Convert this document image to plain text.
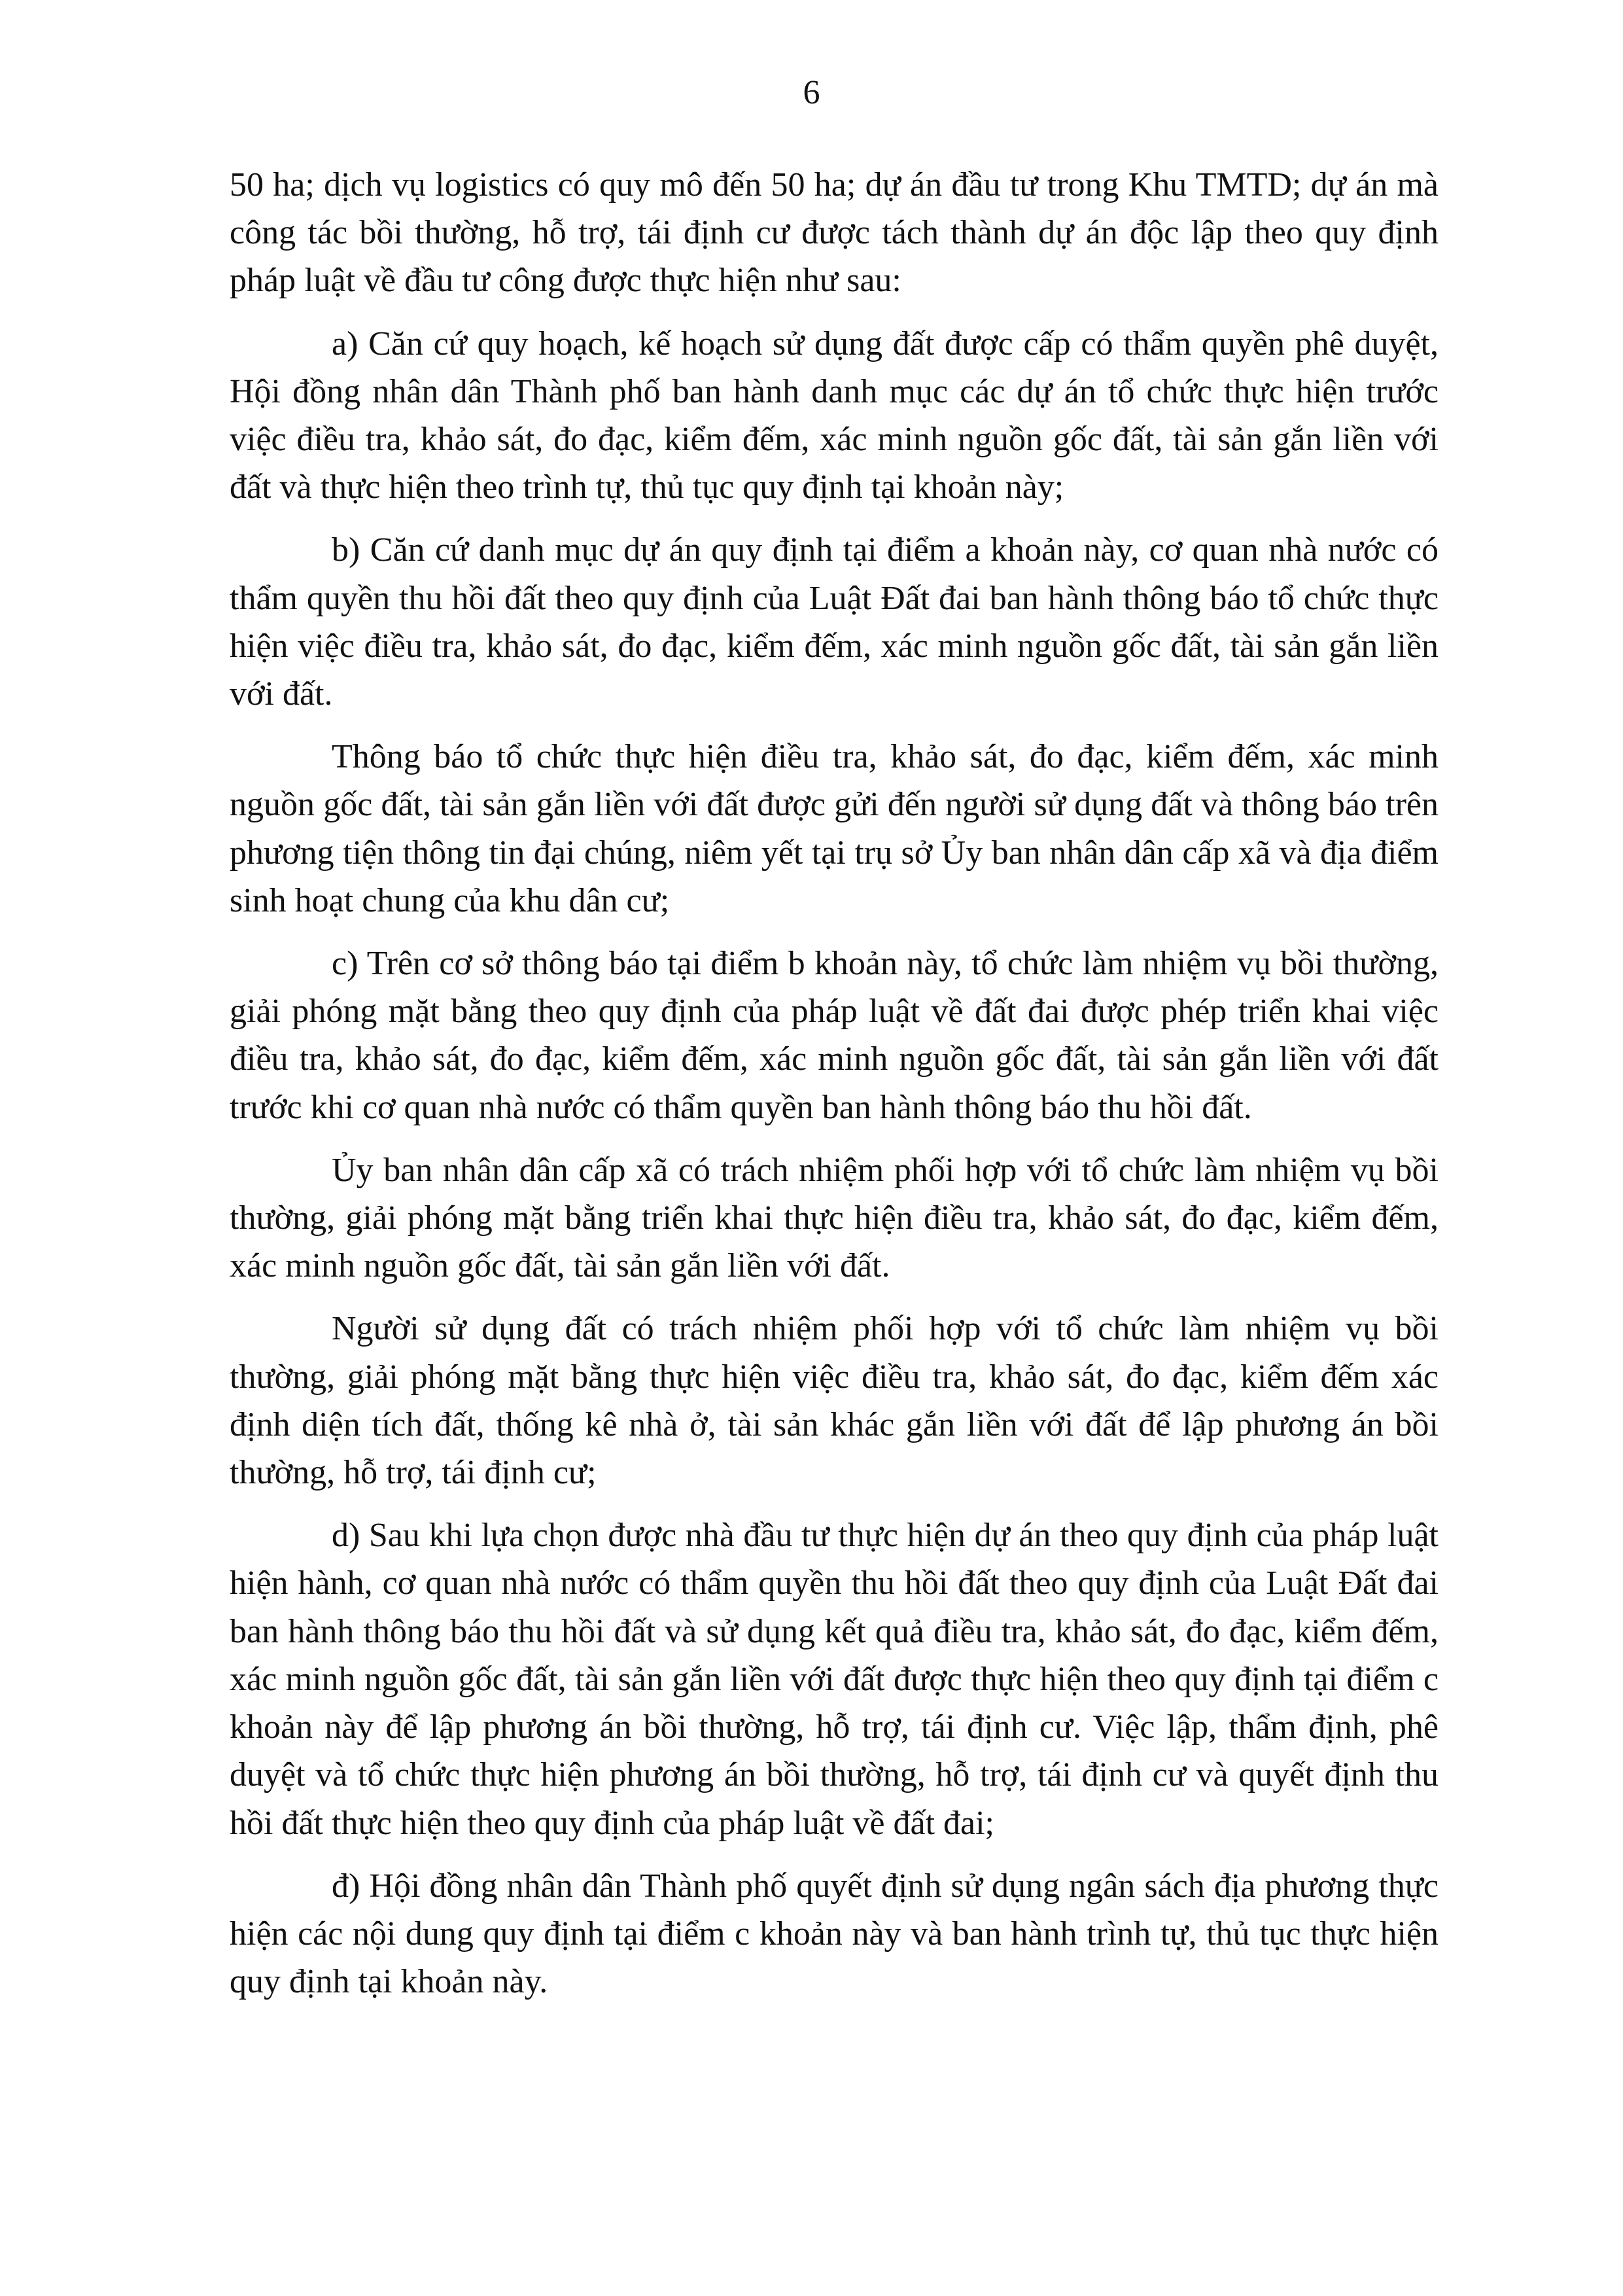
6

50 ha; dịch vụ logistics có quy mô đến 50 ha; dự án đầu tư trong Khu TMTD; dự án mà công tác bồi thường, hỗ trợ, tái định cư được tách thành dự án độc lập theo quy định pháp luật về đầu tư công được thực hiện như sau:

a) Căn cứ quy hoạch, kế hoạch sử dụng đất được cấp có thẩm quyền phê duyệt, Hội đồng nhân dân Thành phố ban hành danh mục các dự án tổ chức thực hiện trước việc điều tra, khảo sát, đo đạc, kiểm đếm, xác minh nguồn gốc đất, tài sản gắn liền với đất và thực hiện theo trình tự, thủ tục quy định tại khoản này;

b) Căn cứ danh mục dự án quy định tại điểm a khoản này, cơ quan nhà nước có thẩm quyền thu hồi đất theo quy định của Luật Đất đai ban hành thông báo tổ chức thực hiện việc điều tra, khảo sát, đo đạc, kiểm đếm, xác minh nguồn gốc đất, tài sản gắn liền với đất.

Thông báo tổ chức thực hiện điều tra, khảo sát, đo đạc, kiểm đếm, xác minh nguồn gốc đất, tài sản gắn liền với đất được gửi đến người sử dụng đất và thông báo trên phương tiện thông tin đại chúng, niêm yết tại trụ sở Ủy ban nhân dân cấp xã và địa điểm sinh hoạt chung của khu dân cư;

c) Trên cơ sở thông báo tại điểm b khoản này, tổ chức làm nhiệm vụ bồi thường, giải phóng mặt bằng theo quy định của pháp luật về đất đai được phép triển khai việc điều tra, khảo sát, đo đạc, kiểm đếm, xác minh nguồn gốc đất, tài sản gắn liền với đất trước khi cơ quan nhà nước có thẩm quyền ban hành thông báo thu hồi đất.

Ủy ban nhân dân cấp xã có trách nhiệm phối hợp với tổ chức làm nhiệm vụ bồi thường, giải phóng mặt bằng triển khai thực hiện điều tra, khảo sát, đo đạc, kiểm đếm, xác minh nguồn gốc đất, tài sản gắn liền với đất.

Người sử dụng đất có trách nhiệm phối hợp với tổ chức làm nhiệm vụ bồi thường, giải phóng mặt bằng thực hiện việc điều tra, khảo sát, đo đạc, kiểm đếm xác định diện tích đất, thống kê nhà ở, tài sản khác gắn liền với đất để lập phương án bồi thường, hỗ trợ, tái định cư;

d) Sau khi lựa chọn được nhà đầu tư thực hiện dự án theo quy định của pháp luật hiện hành, cơ quan nhà nước có thẩm quyền thu hồi đất theo quy định của Luật Đất đai ban hành thông báo thu hồi đất và sử dụng kết quả điều tra, khảo sát, đo đạc, kiểm đếm, xác minh nguồn gốc đất, tài sản gắn liền với đất được thực hiện theo quy định tại điểm c khoản này để lập phương án bồi thường, hỗ trợ, tái định cư. Việc lập, thẩm định, phê duyệt và tổ chức thực hiện phương án bồi thường, hỗ trợ, tái định cư và quyết định thu hồi đất thực hiện theo quy định của pháp luật về đất đai;

đ) Hội đồng nhân dân Thành phố quyết định sử dụng ngân sách địa phương thực hiện các nội dung quy định tại điểm c khoản này và ban hành trình tự, thủ tục thực hiện quy định tại khoản này.
